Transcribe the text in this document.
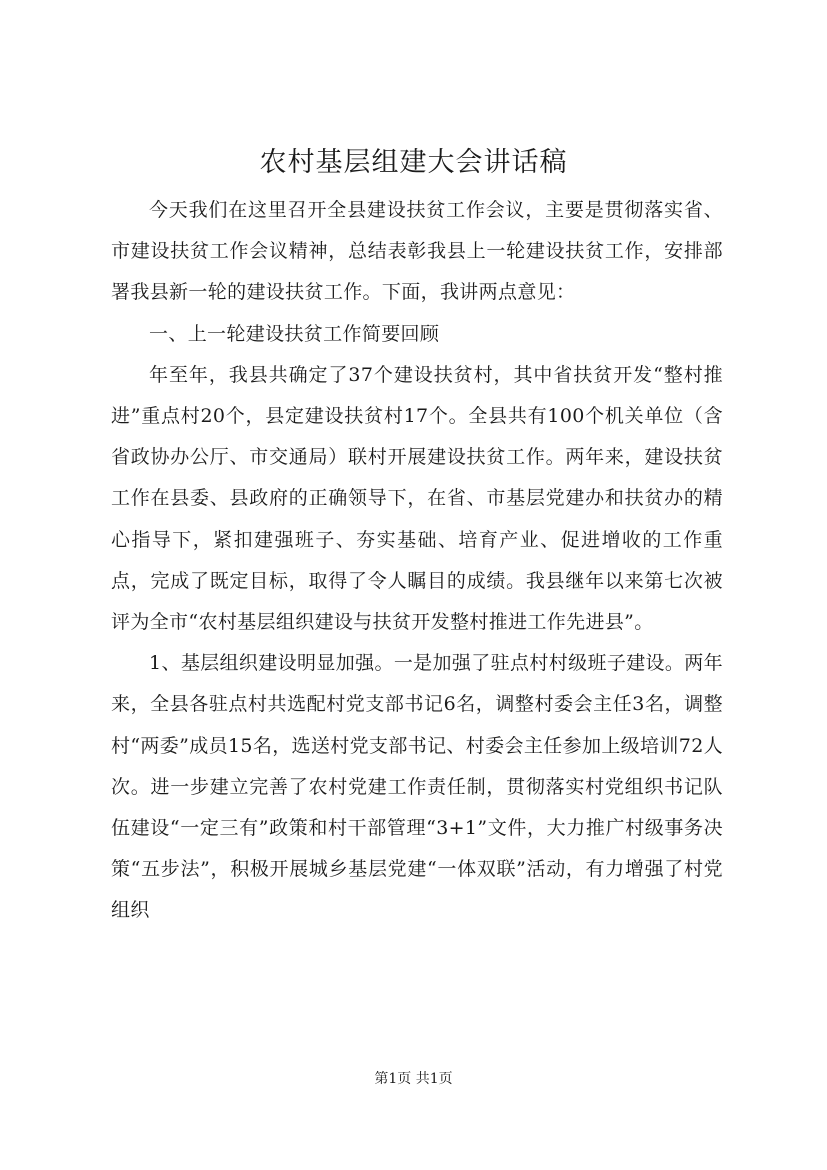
农村基层组建大会讲话稿

今天我们在这里召开全县建设扶贫工作会议，主要是贯彻落实省、市建设扶贫工作会议精神，总结表彰我县上一轮建设扶贫工作，安排部署我县新一轮的建设扶贫工作。下面，我讲两点意见：

一、上一轮建设扶贫工作简要回顾

年至年，我县共确定了37个建设扶贫村，其中省扶贫开发“整村推进”重点村20个，县定建设扶贫村17个。全县共有100个机关单位（含省政协办公厅、市交通局）联村开展建设扶贫工作。两年来，建设扶贫工作在县委、县政府的正确领导下，在省、市基层党建办和扶贫办的精心指导下，紧扣建强班子、夯实基础、培育产业、促进增收的工作重点，完成了既定目标，取得了令人瞩目的成绩。我县继年以来第七次被评为全市“农村基层组织建设与扶贫开发整村推进工作先进县”。

1、基层组织建设明显加强。一是加强了驻点村村级班子建设。两年来，全县各驻点村共选配村党支部书记6名，调整村委会主任3名，调整村“两委”成员15名，选送村党支部书记、村委会主任参加上级培训72人次。进一步建立完善了农村党建工作责任制，贯彻落实村党组织书记队伍建设“一定三有”政策和村干部管理“3+1”文件，大力推广村级事务决策“五步法”，积极开展城乡基层党建“一体双联”活动，有力增强了村党组织

第1页 共1页
